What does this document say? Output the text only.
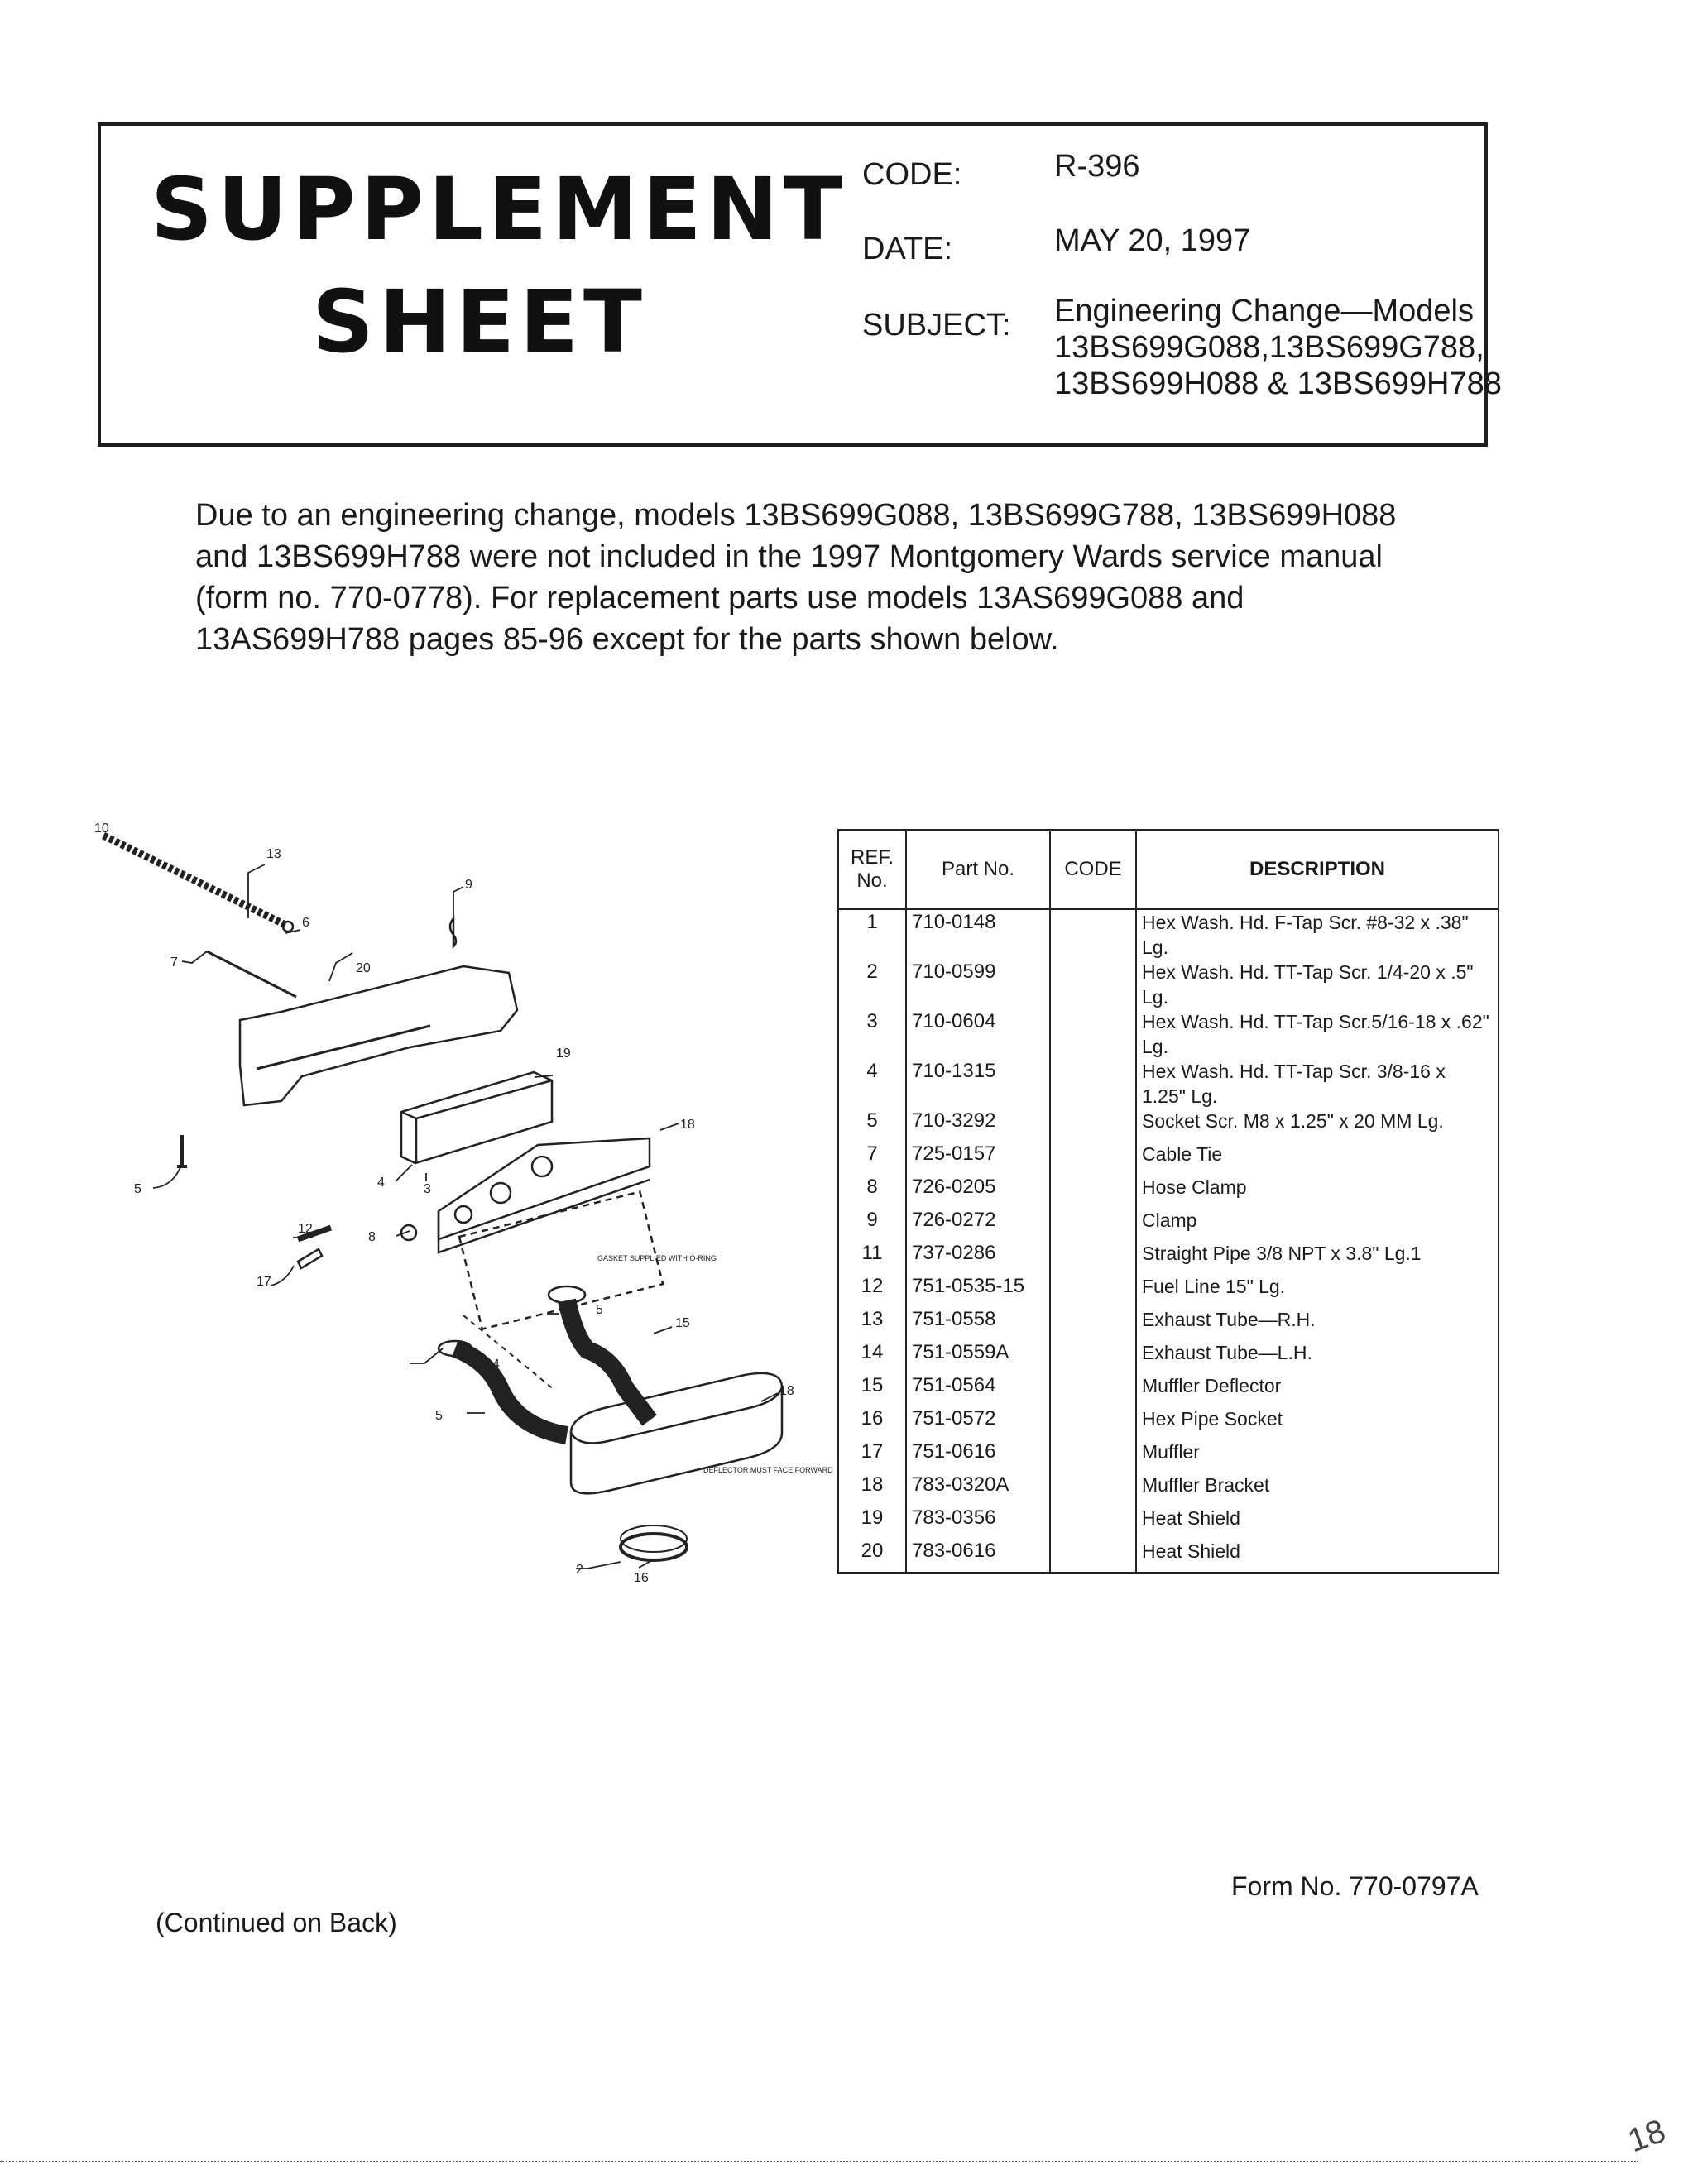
SUPPLEMENT
SHEET
CODE:	R-396
DATE:	MAY 20, 1997
SUBJECT: Engineering Change—Models
13BS699G088,13BS699G788,
13BS699H088 & 13BS699H788
Due to an engineering change, models 13BS699G088, 13BS699G788, 13BS699H088 and 13BS699H788 were not included in the 1997 Montgomery Wards service manual (form no. 770-0778). For replacement parts use models 13AS699G088 and 13AS699H788 pages 85-96 except for the parts shown below.
10
13
6
9
7	20
19
18
4	3
5
8
12
17
5
15
18
5
14
2
16
GASKET SUPPLIED WITH O-RING
DEFLECTOR MUST FACE FORWARD
REF. No.	Part No.	CODE	DESCRIPTION
1	710-0148		Hex Wash. Hd. F-Tap Scr. #8-32 x .38" Lg.
2	710-0599		Hex Wash. Hd. TT-Tap Scr. 1/4-20 x .5" Lg.
3	710-0604		Hex Wash. Hd. TT-Tap Scr.5/16-18 x .62" Lg.
4	710-1315		Hex Wash. Hd. TT-Tap Scr. 3/8-16 x 1.25" Lg.
5	710-3292		Socket Scr. M8 x 1.25" x 20 MM Lg.
7	725-0157		Cable Tie
8	726-0205		Hose Clamp
9	726-0272		Clamp
11	737-0286		Straight Pipe 3/8 NPT x 3.8" Lg.1
12	751-0535-15		Fuel Line 15" Lg.
13	751-0558		Exhaust Tube—R.H.
14	751-0559A		Exhaust Tube—L.H.
15	751-0564		Muffler Deflector
16	751-0572		Hex Pipe Socket
17	751-0616		Muffler
18	783-0320A		Muffler Bracket
19	783-0356		Heat Shield
20	783-0616		Heat Shield
Form No. 770-0797A
(Continued on Back)
18
